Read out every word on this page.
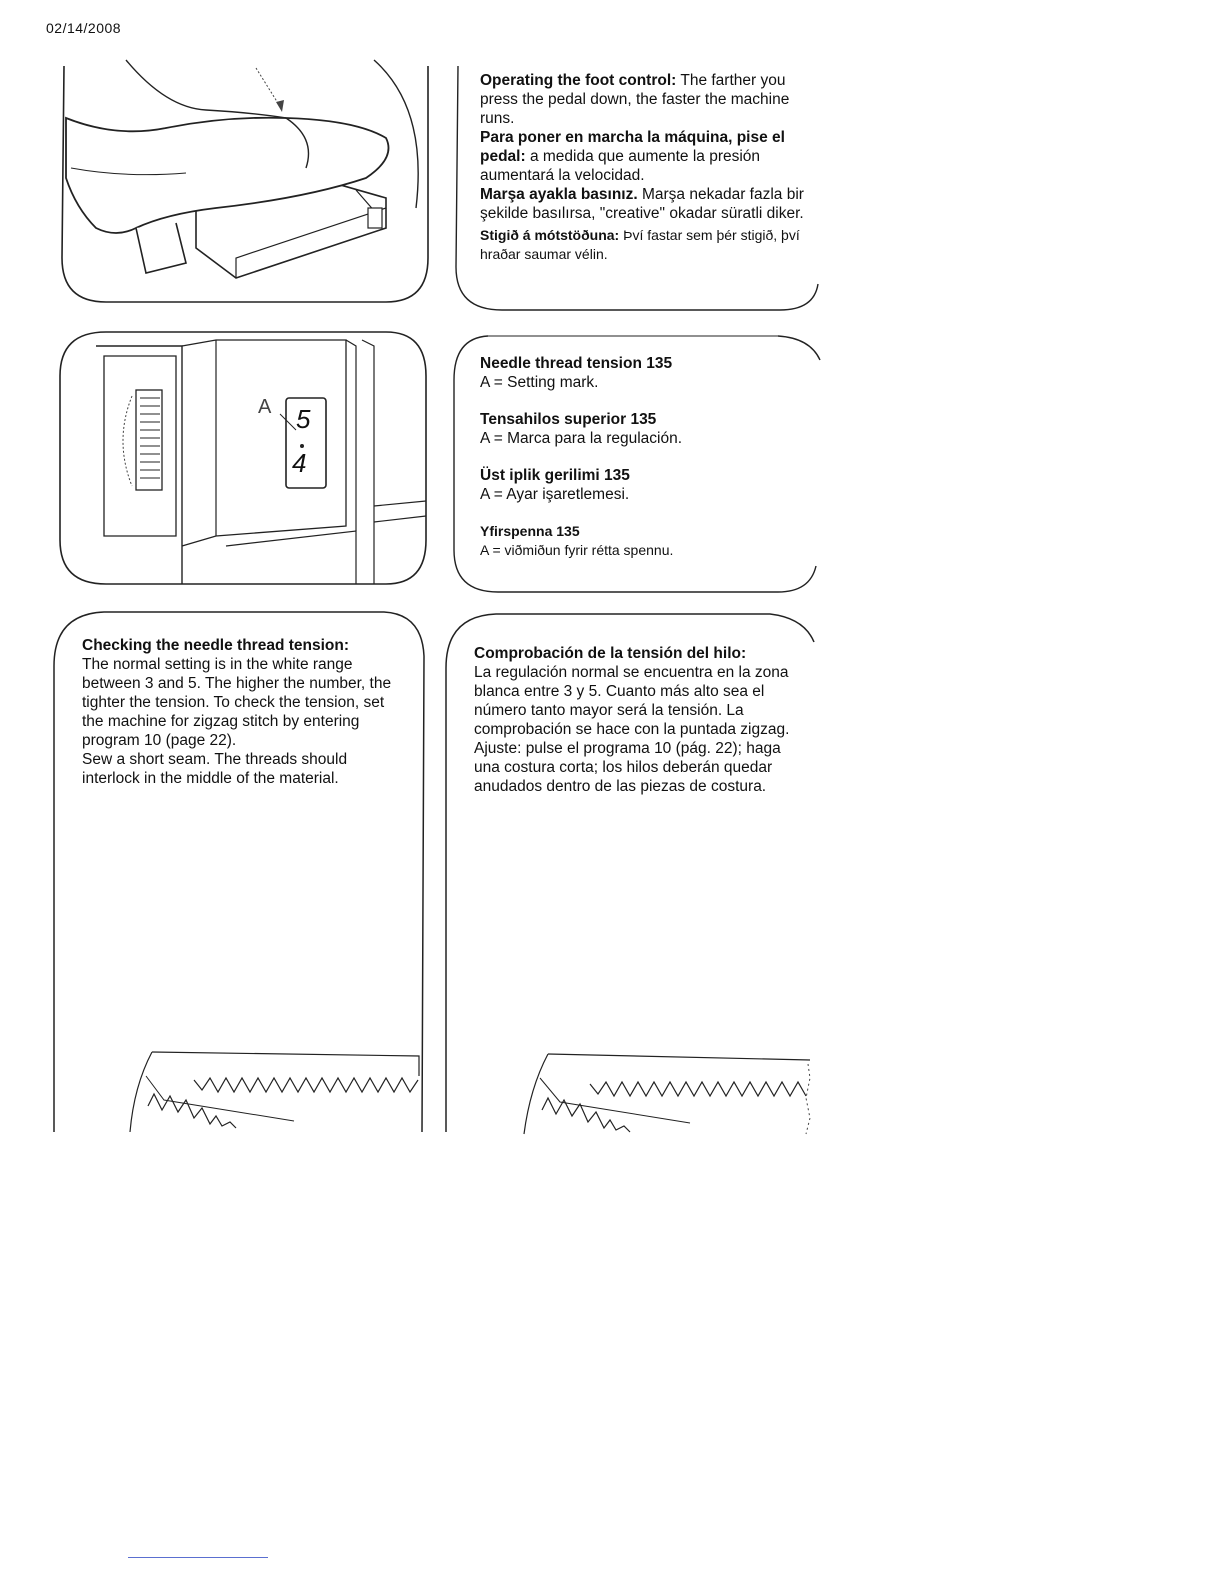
02/14/2008

Operating the foot control: The farther you press the pedal down, the faster the machine runs.

Para poner en marcha la máquina, pise el pedal: a medida que aumente la presión aumentará la velocidad.

Marşa ayakla basınız. Marşa nekadar fazla bir şekilde basılırsa, "creative" okadar süratli diker.

Stigið á mótstöðuna: Því fastar sem þér stigið, því hraðar saumar vélin.

A 5
4

Needle thread tension 135

A = Setting mark.

Tensahilos superior 135

A = Marca para la regulación.

Üst iplik gerilimi 135

A = Ayar işaretlemesi.

Yfirspenna 135

A = viðmiðun fyrir rétta spennu.

Checking the needle thread tension:

The normal setting is in the white range between 3 and 5. The higher the number, the tighter the tension. To check the tension, set the machine for zigzag stitch by entering program 10 (page 22).

Sew a short seam. The threads should interlock in the middle of the material.

Comprobación de la tensión del hilo:

La regulación normal se encuentra en la zona blanca entre 3 y 5. Cuanto más alto sea el número tanto mayor será la tensión. La comprobación se hace con la puntada zigzag.

Ajuste: pulse el programa 10 (pág. 22); haga una costura corta; los hilos deberán quedar anudados dentro de las piezas de costura.
